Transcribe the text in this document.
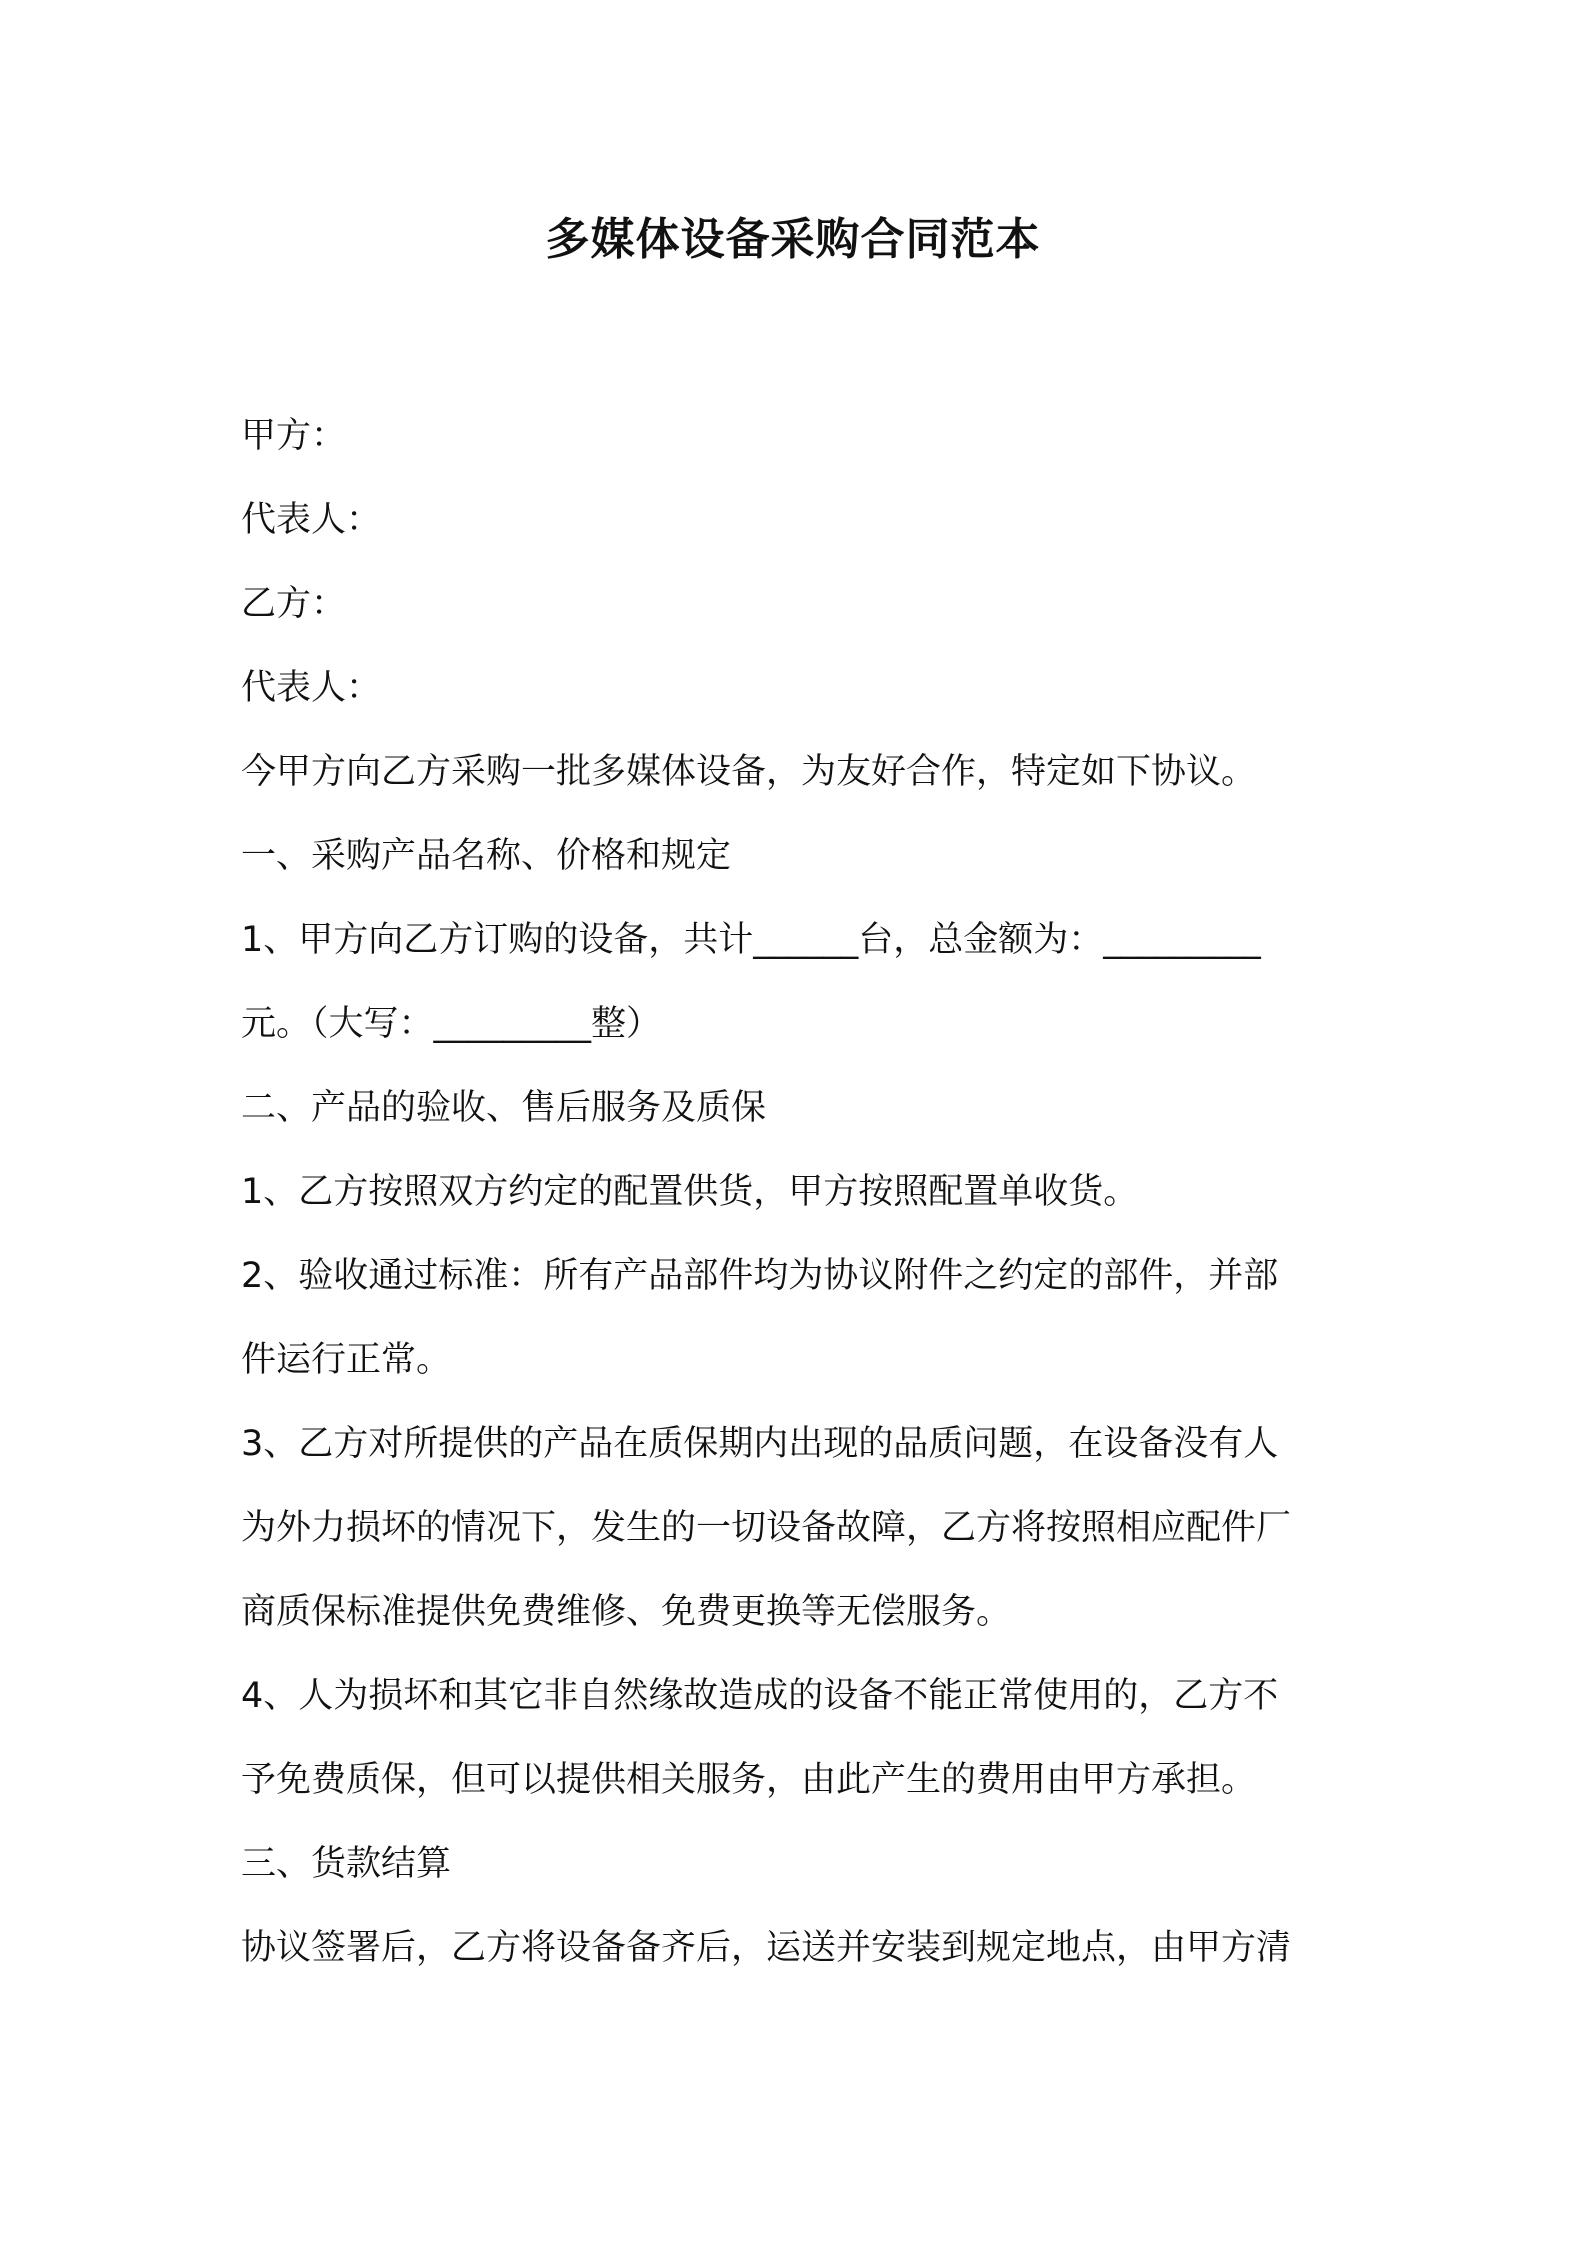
多媒体设备采购合同范本
甲方：
代表人：
乙方：
代表人：
今甲方向乙方采购一批多媒体设备，为友好合作，特定如下协议。
一、采购产品名称、价格和规定
1、甲方向乙方订购的设备，共计______台，总金额为：_________
元。（大写：_________整）
二、产品的验收、售后服务及质保
1、乙方按照双方约定的配置供货，甲方按照配置单收货。
2、验收通过标准：所有产品部件均为协议附件之约定的部件，并部
件运行正常。
3、乙方对所提供的产品在质保期内出现的品质问题，在设备没有人
为外力损坏的情况下，发生的一切设备故障，乙方将按照相应配件厂
商质保标准提供免费维修、免费更换等无偿服务。
4、人为损坏和其它非自然缘故造成的设备不能正常使用的，乙方不
予免费质保，但可以提供相关服务，由此产生的费用由甲方承担。
三、货款结算
协议签署后，乙方将设备备齐后，运送并安装到规定地点，由甲方清
